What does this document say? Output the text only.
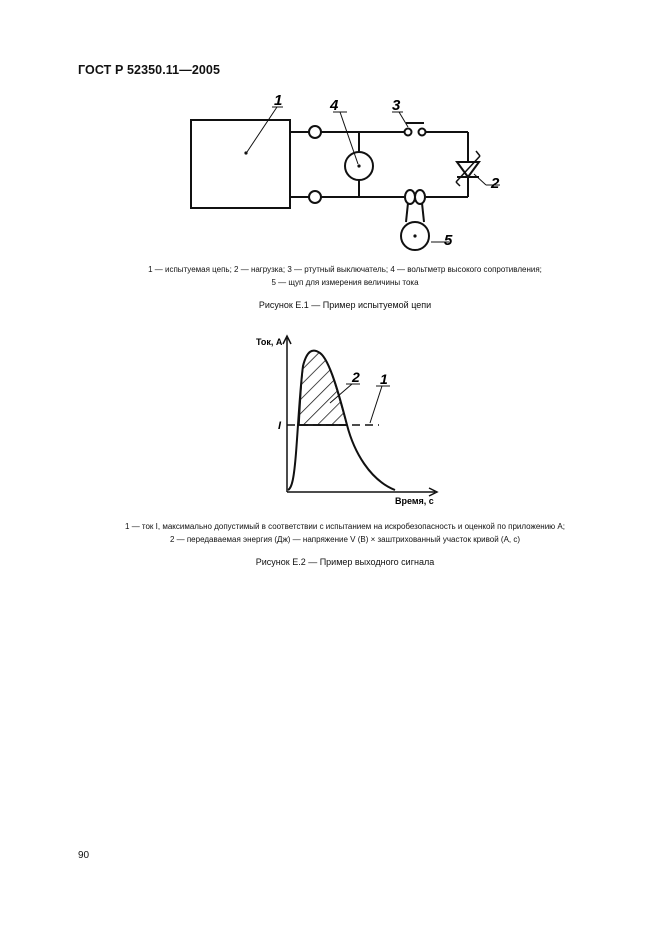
ГОСТ Р 52350.11—2005
1	4	3
2
5
1 — испытуемая цепь; 2 — нагрузка; 3 — ртутный выключатель; 4 — вольтметр высокого сопротивления;
5 — щуп для измерения величины тока
Рисунок Е.1 — Пример испытуемой цепи
Ток, А
Время, с
I
2 1
1 — ток I, максимально допустимый в соответствии с испытанием на искробезопасность и оценкой по приложению А;
2 — передаваемая энергия (Дж) — напряжение V (В) × заштрихованный участок кривой (А, с)
Рисунок Е.2 — Пример выходного сигнала
90
